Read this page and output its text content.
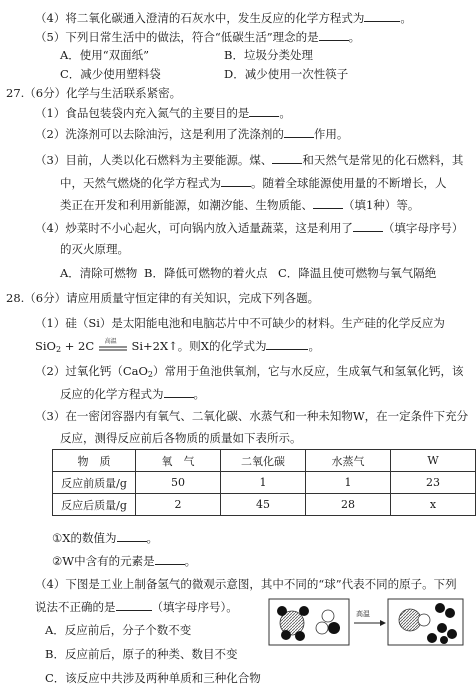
（4）将二氧化碳通入澄清的石灰水中，发生反应的化学方程式为	。
（5）下列日常生活中的做法，符合“低碳生活”理念的是	。
A．使用“双面纸”	B．垃圾分类处理
C．减少使用塑料袋	D．减少使用一次性筷子
27.（6分）化学与生活联系紧密。
（1）食品包装袋内充入氮气的主要目的是	。
（2）洗涤剂可以去除油污，这是利用了洗涤剂的	作用。
（3）目前，人类以化石燃料为主要能源。煤、	和天然气是常见的化石燃料，其
中，天然气燃烧的化学方程式为	。随着全球能源使用量的不断增长，人
类正在开发和利用新能源，如潮汐能、生物质能、	（填1种）等。
（4）炒菜时不小心起火，可向锅内放入适量蔬菜，这是利用了	（填字母序号）
的灭火原理。
A．清除可燃物 B．降低可燃物的着火点 C．降温且使可燃物与氧气隔绝
28.（6分）请应用质量守恒定律的有关知识，完成下列各题。
（1）硅（Si）是太阳能电池和电脑芯片中不可缺少的材料。生产硅的化学反应为
SiO$_2$ + 2C 高温 Si+2X↑。则X的化学式为	。
（2）过氧化钙（CaO$_2$）常用于鱼池供氧剂，它与水反应，生成氧气和氢氧化钙，该
反应的化学方程式为	。
（3）在一密闭容器内有氧气、二氧化碳、水蒸气和一种未知物W，在一定条件下充分
反应，测得反应前后各物质的质量如下表所示。
物　质	氧　气	二氧化碳	水蒸气	W
反应前质量/g	50	1	1	23
反应后质量/g	2	45	28	x
①X的数值为	。
②W中含有的元素是	。
（4）下图是工业上制备氢气的微观示意图，其中不同的“球”代表不同的原子。下列
说法不正确的是	（填字母序号）。
A．反应前后，分子个数不变
B．反应前后，原子的种类、数目不变
C．该反应中共涉及两种单质和三种化合物
高温
